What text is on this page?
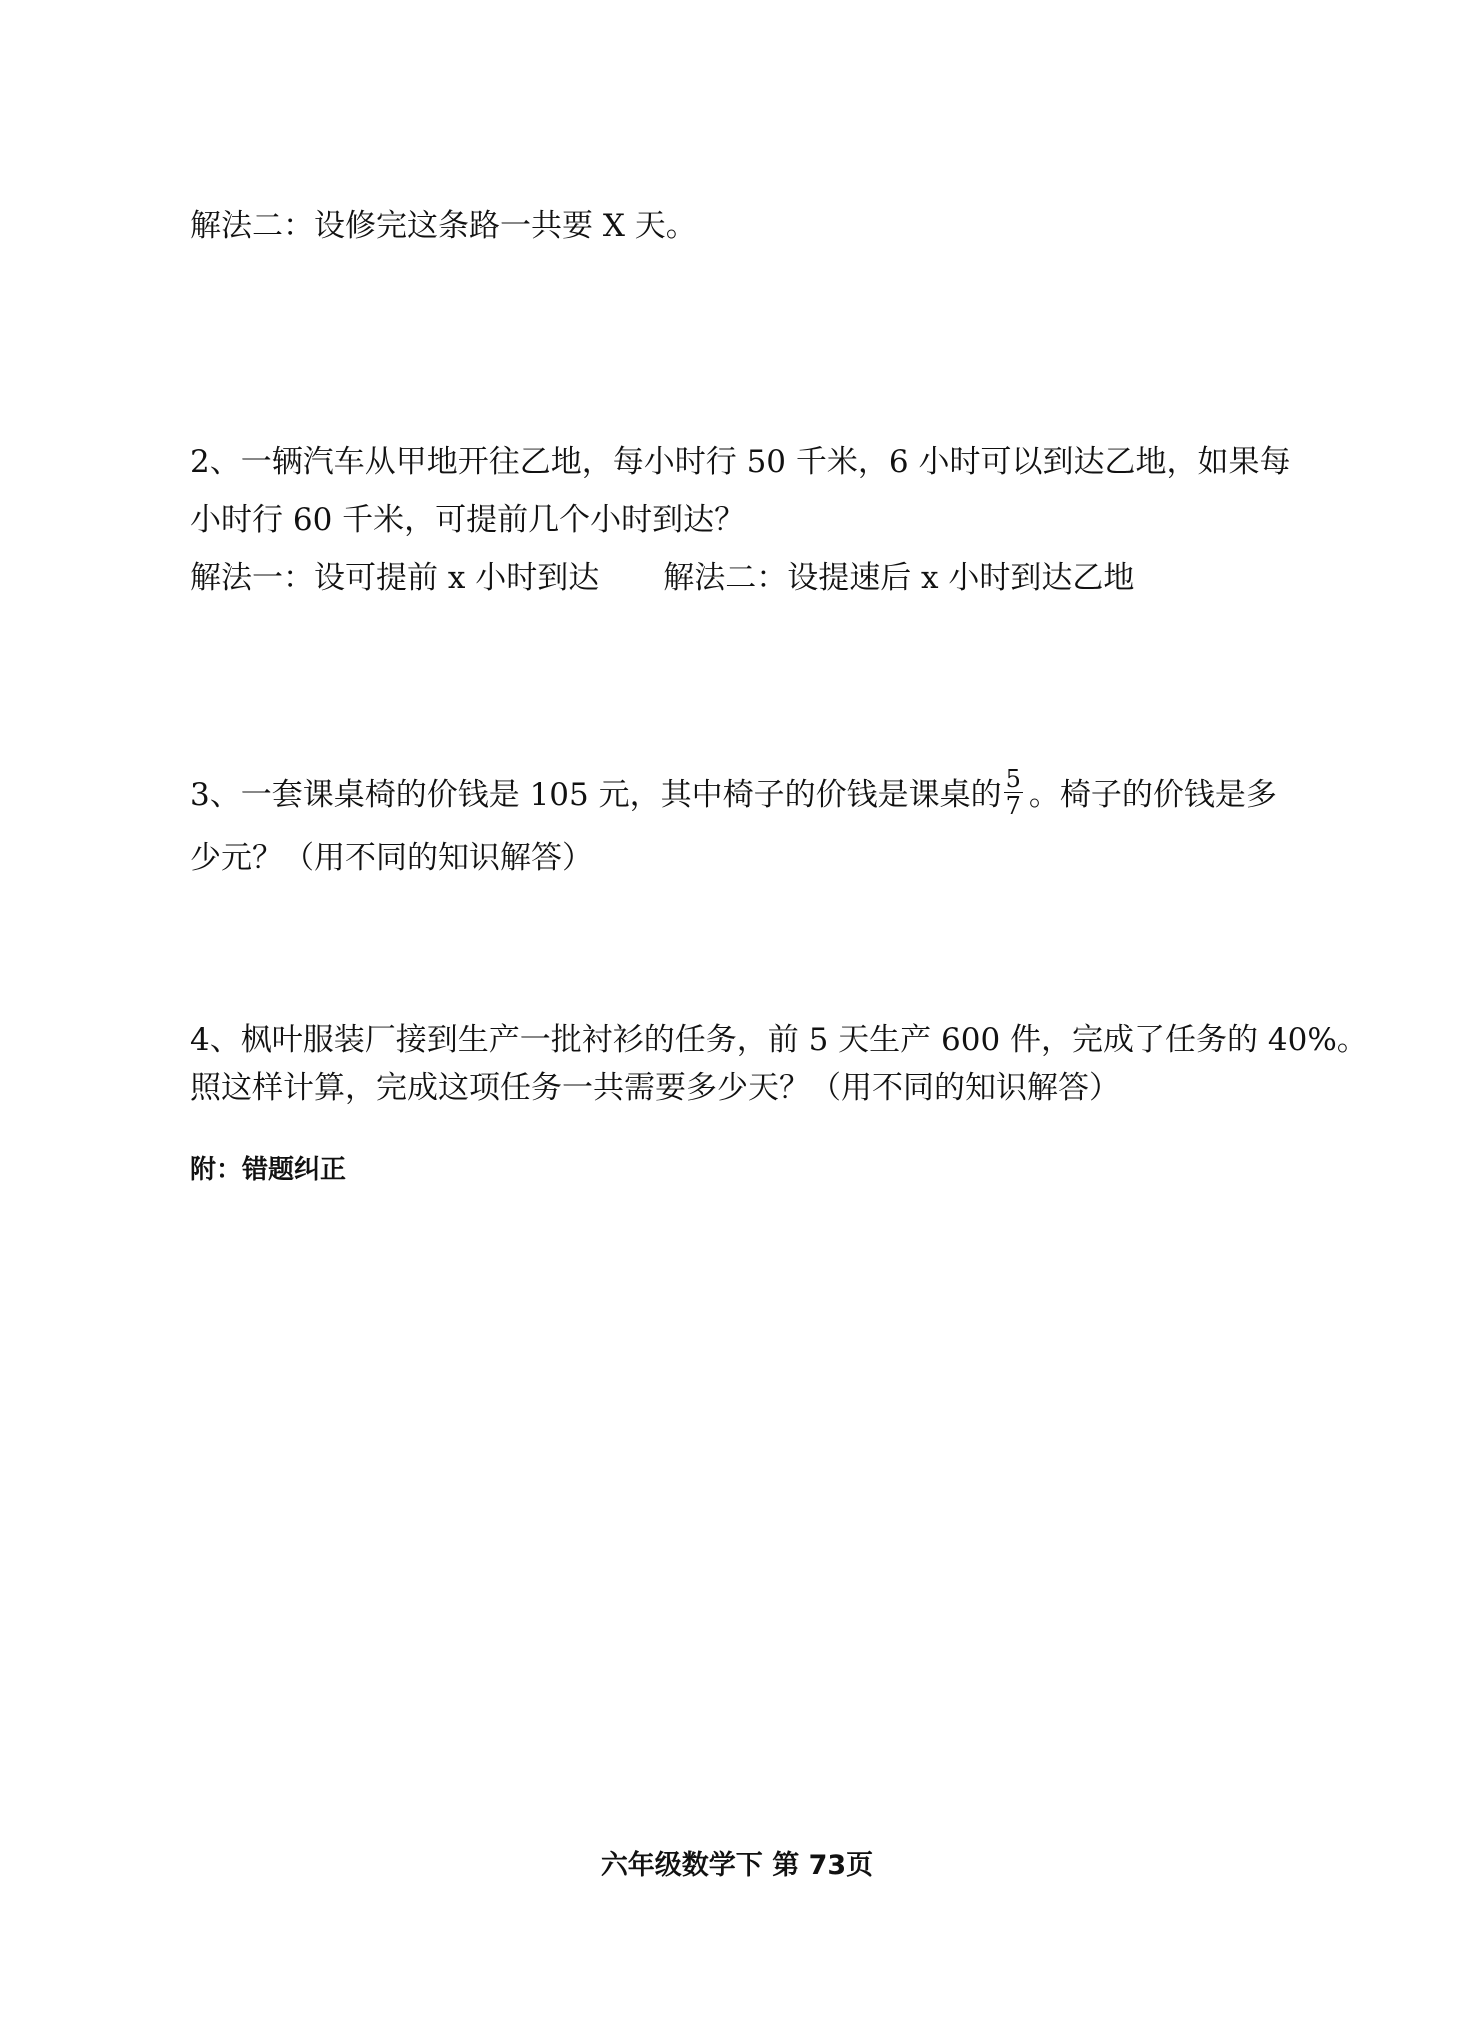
解法二：设修完这条路一共要 X 天。
2、一辆汽车从甲地开往乙地，每小时行 50 千米，6 小时可以到达乙地，如果每
小时行 60 千米，可提前几个小时到达？
解法一：设可提前 x 小时到达 解法二：设提速后 x 小时到达乙地
3、一套课桌椅的价钱是 105 元，其中椅子的价钱是课桌的 $\frac{5}{7}$ 。椅子的价钱是多
少元？（用不同的知识解答）
4、枫叶服装厂接到生产一批衬衫的任务，前 5 天生产 600 件，完成了任务的 40%。
照这样计算，完成这项任务一共需要多少天？（用不同的知识解答）
附：错题纠正
六年级数学下 第 73页
